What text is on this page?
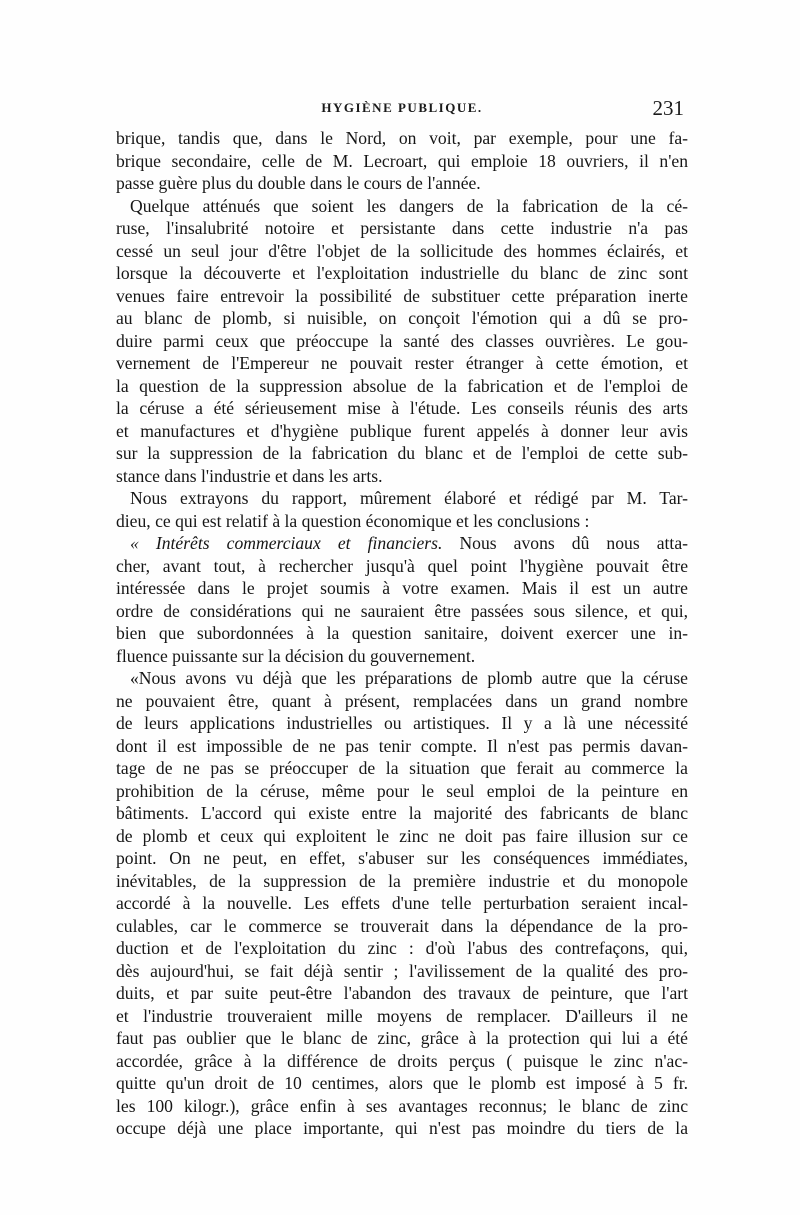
HYGIÈNE PUBLIQUE.	231
brique, tandis que, dans le Nord, on voit, par exemple, pour une fa-
brique secondaire, celle de M. Lecroart, qui emploie 18 ouvriers, il n'en
passe guère plus du double dans le cours de l'année.
Quelque atténués que soient les dangers de la fabrication de la cé-
ruse, l'insalubrité notoire et persistante dans cette industrie n'a pas
cessé un seul jour d'être l'objet de la sollicitude des hommes éclairés, et
lorsque la découverte et l'exploitation industrielle du blanc de zinc sont
venues faire entrevoir la possibilité de substituer cette préparation inerte
au blanc de plomb, si nuisible, on conçoit l'émotion qui a dû se pro-
duire parmi ceux que préoccupe la santé des classes ouvrières. Le gou-
vernement de l'Empereur ne pouvait rester étranger à cette émotion, et
la question de la suppression absolue de la fabrication et de l'emploi de
la céruse a été sérieusement mise à l'étude. Les conseils réunis des arts
et manufactures et d'hygiène publique furent appelés à donner leur avis
sur la suppression de la fabrication du blanc et de l'emploi de cette sub-
stance dans l'industrie et dans les arts.
Nous extrayons du rapport, mûrement élaboré et rédigé par M. Tar-
dieu, ce qui est relatif à la question économique et les conclusions :
« Intérêts commerciaux et financiers. Nous avons dû nous atta-
cher, avant tout, à rechercher jusqu'à quel point l'hygiène pouvait être
intéressée dans le projet soumis à votre examen. Mais il est un autre
ordre de considérations qui ne sauraient être passées sous silence, et qui,
bien que subordonnées à la question sanitaire, doivent exercer une in-
fluence puissante sur la décision du gouvernement.
«Nous avons vu déjà que les préparations de plomb autre que la céruse
ne pouvaient être, quant à présent, remplacées dans un grand nombre
de leurs applications industrielles ou artistiques. Il y a là une nécessité
dont il est impossible de ne pas tenir compte. Il n'est pas permis davan-
tage de ne pas se préoccuper de la situation que ferait au commerce la
prohibition de la céruse, même pour le seul emploi de la peinture en
bâtiments. L'accord qui existe entre la majorité des fabricants de blanc
de plomb et ceux qui exploitent le zinc ne doit pas faire illusion sur ce
point. On ne peut, en effet, s'abuser sur les conséquences immédiates,
inévitables, de la suppression de la première industrie et du monopole
accordé à la nouvelle. Les effets d'une telle perturbation seraient incal-
culables, car le commerce se trouverait dans la dépendance de la pro-
duction et de l'exploitation du zinc : d'où l'abus des contrefaçons, qui,
dès aujourd'hui, se fait déjà sentir ; l'avilissement de la qualité des pro-
duits, et par suite peut-être l'abandon des travaux de peinture, que l'art
et l'industrie trouveraient mille moyens de remplacer. D'ailleurs il ne
faut pas oublier que le blanc de zinc, grâce à la protection qui lui a été
accordée, grâce à la différence de droits perçus ( puisque le zinc n'ac-
quitte qu'un droit de 10 centimes, alors que le plomb est imposé à 5 fr.
les 100 kilogr.), grâce enfin à ses avantages reconnus; le blanc de zinc
occupe déjà une place importante, qui n'est pas moindre du tiers de la
